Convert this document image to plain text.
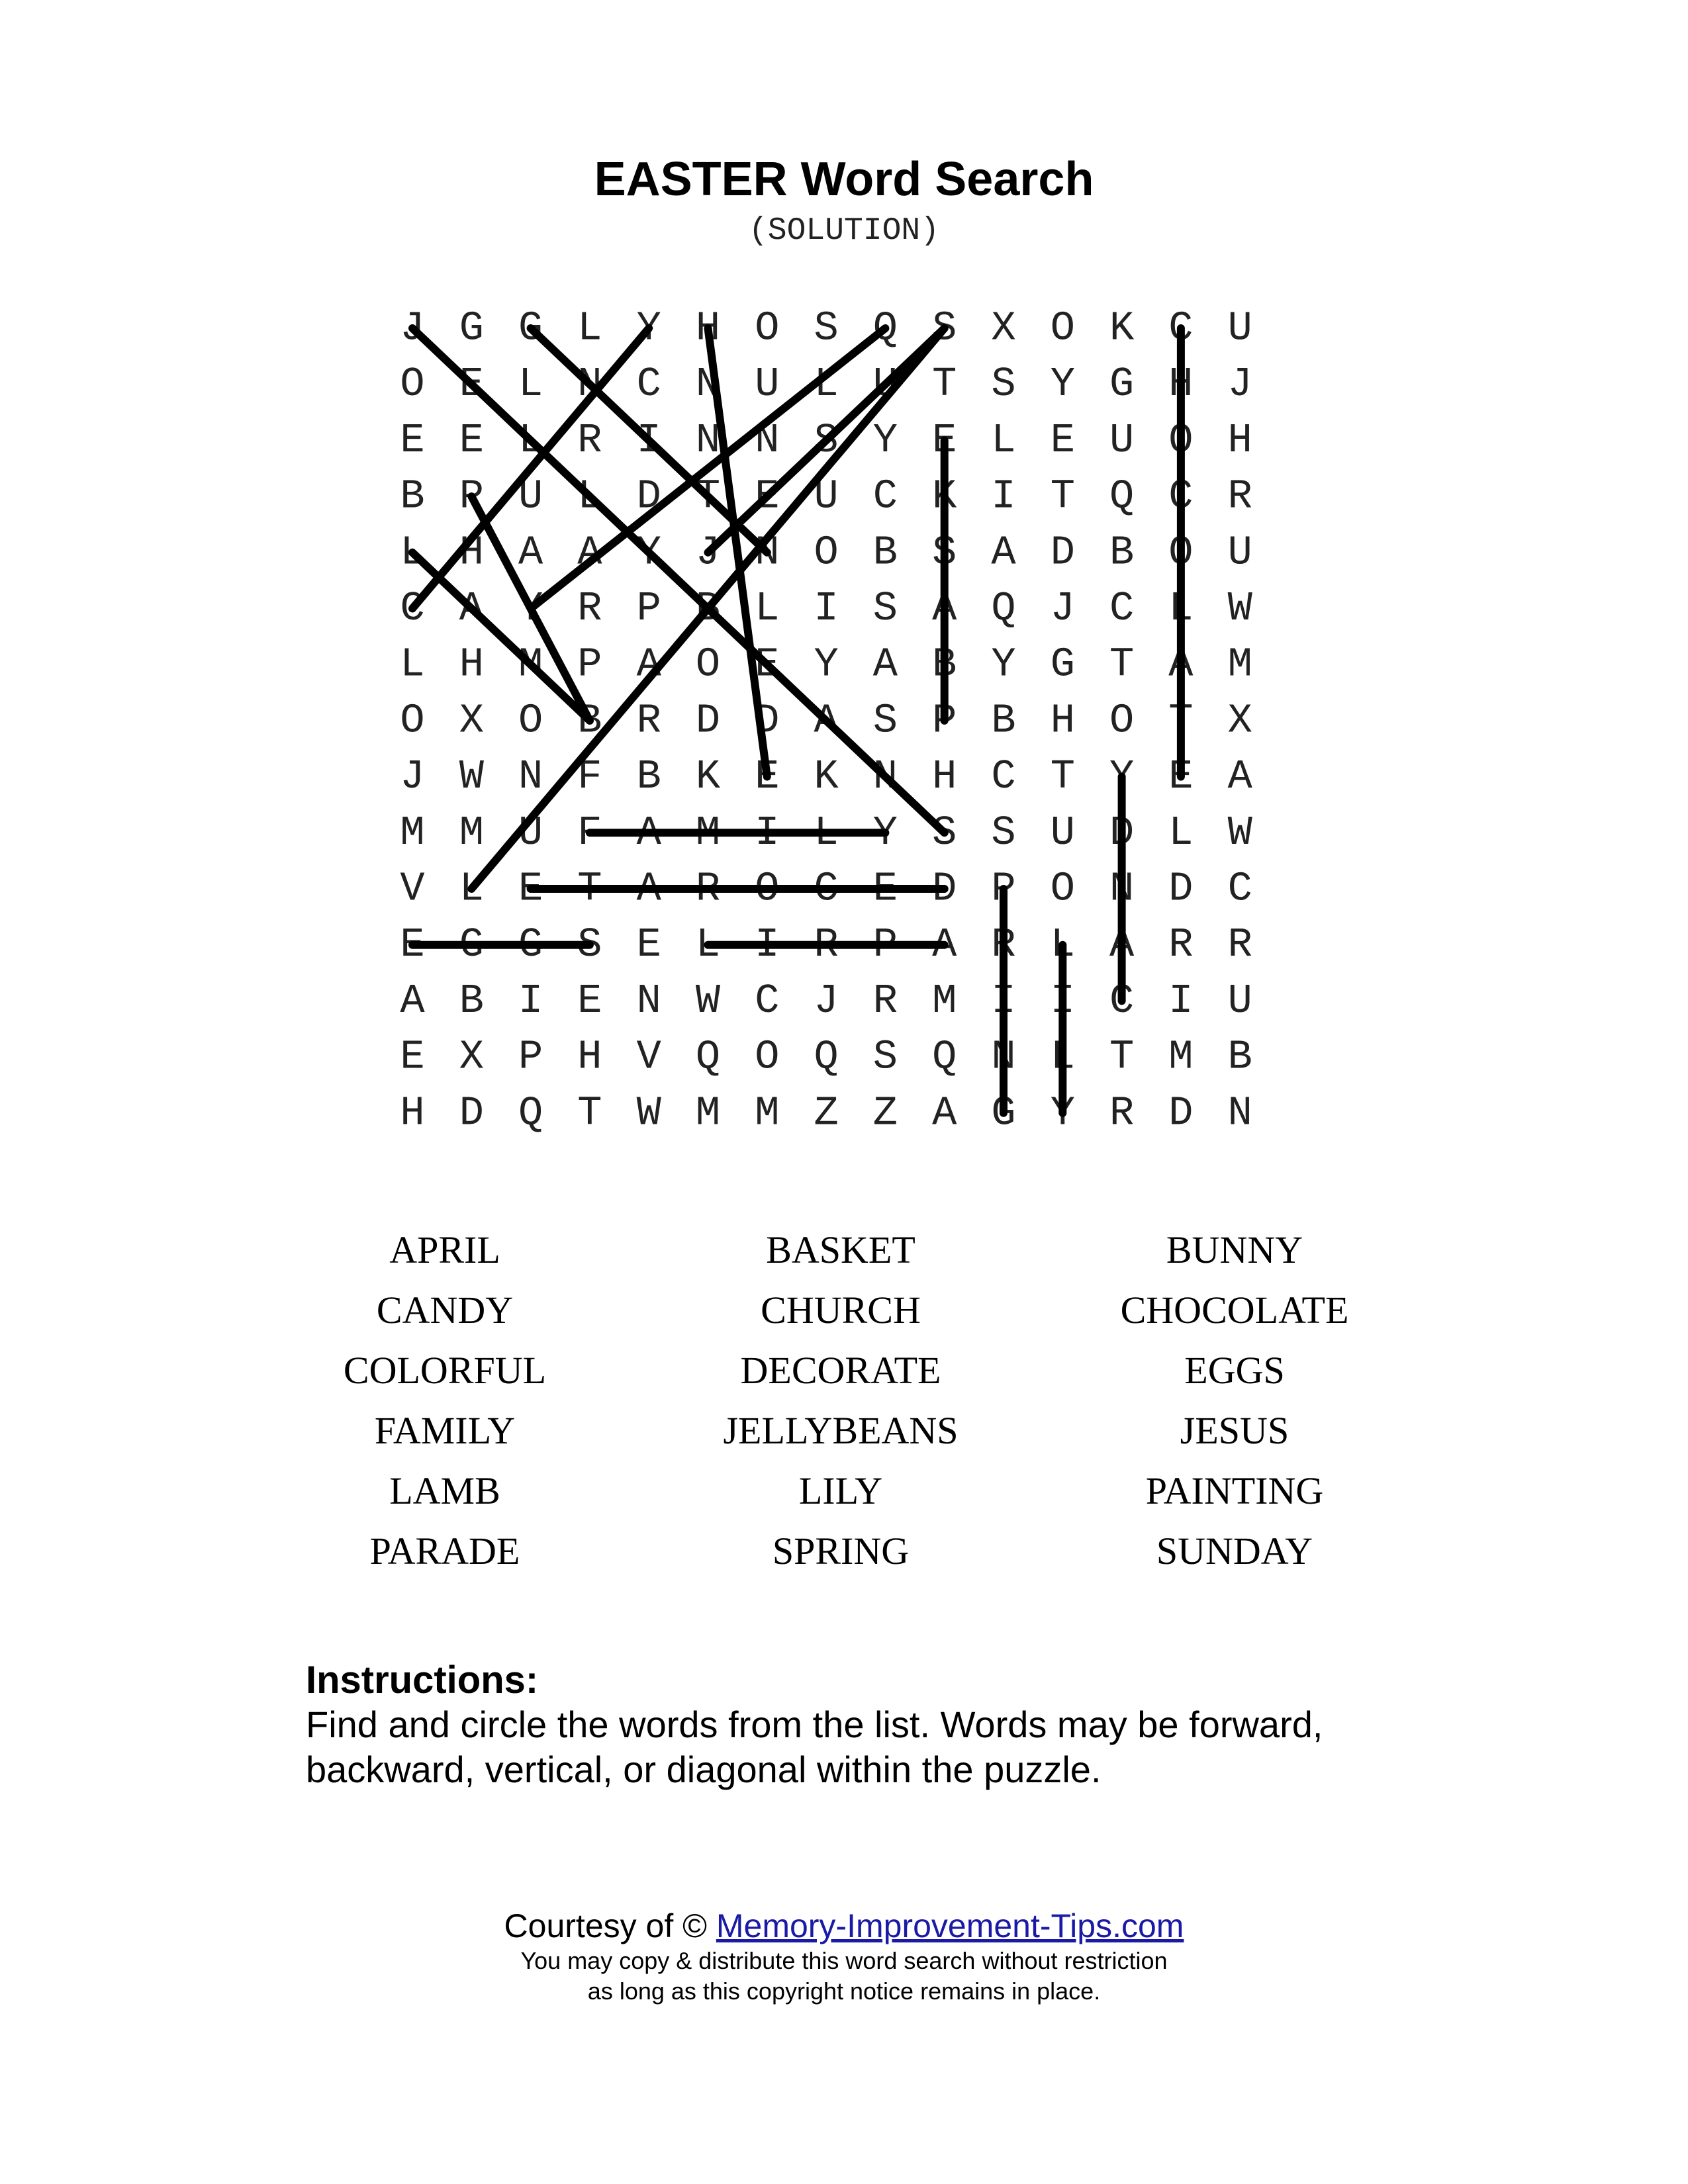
EASTER Word Search
(SOLUTION)
J G G L Y H O S Q S X O K C U
O E L N C N U L U T S Y G H J
E E L R I N N S Y E L E U O H
B P U L D T E U C K I T Q C R
L H A A Y J N O B S A D B O U
C A Y R P B L I S A Q J C L W
L H M P A O E Y A B Y G T A M
O X O B R D D A S P B H O T X
J W N F B K E K N H C T Y E A
M M U F A M I L Y S S U D L W
V L E T A R O C E D P O N D C
E G G S E L I R P A R L A R R
A B I E N W C J R M I I C I U
E X P H V Q O Q S Q N L T M B
H D Q T W M M Z Z A G Y R D N
APRIL	BASKET	BUNNY
CANDY	CHURCH	CHOCOLATE
COLORFUL	DECORATE	EGGS
FAMILY	JELLYBEANS	JESUS
LAMB	LILY	PAINTING
PARADE	SPRING	SUNDAY
Instructions:
Find and circle the words from the list. Words may be forward, backward, vertical, or diagonal within the puzzle.
Courtesy of © Memory-Improvement-Tips.com
You may copy & distribute this word search without restriction
as long as this copyright notice remains in place.
